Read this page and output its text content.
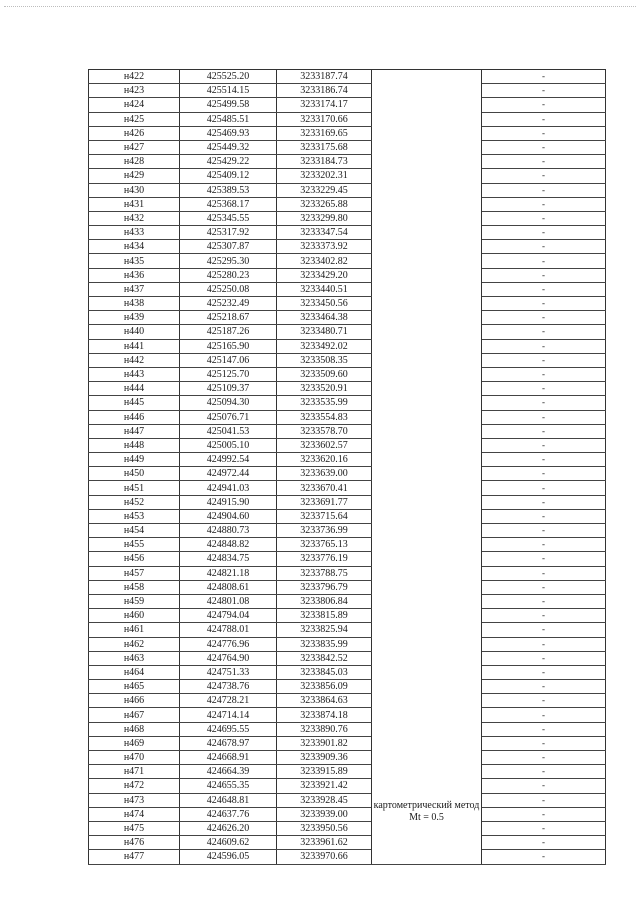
н422	425525.20	3233187.74		-
н423	425514.15	3233186.74		-
н424	425499.58	3233174.17		-
н425	425485.51	3233170.66		-
н426	425469.93	3233169.65		-
н427	425449.32	3233175.68		-
н428	425429.22	3233184.73		-
н429	425409.12	3233202.31		-
н430	425389.53	3233229.45		-
н431	425368.17	3233265.88		-
н432	425345.55	3233299.80		-
н433	425317.92	3233347.54		-
н434	425307.87	3233373.92		-
н435	425295.30	3233402.82		-
н436	425280.23	3233429.20		-
н437	425250.08	3233440.51		-
н438	425232.49	3233450.56		-
н439	425218.67	3233464.38		-
н440	425187.26	3233480.71		-
н441	425165.90	3233492.02		-
н442	425147.06	3233508.35		-
н443	425125.70	3233509.60		-
н444	425109.37	3233520.91		-
н445	425094.30	3233535.99		-
н446	425076.71	3233554.83		-
н447	425041.53	3233578.70		-
н448	425005.10	3233602.57		-
н449	424992.54	3233620.16		-
н450	424972.44	3233639.00		-
н451	424941.03	3233670.41		-
н452	424915.90	3233691.77		-
н453	424904.60	3233715.64		-
н454	424880.73	3233736.99		-
н455	424848.82	3233765.13		-
н456	424834.75	3233776.19		-
н457	424821.18	3233788.75		-
н458	424808.61	3233796.79		-
н459	424801.08	3233806.84		-
н460	424794.04	3233815.89		-
н461	424788.01	3233825.94		-
н462	424776.96	3233835.99		-
н463	424764.90	3233842.52		-
н464	424751.33	3233845.03		-
н465	424738.76	3233856.09		-
н466	424728.21	3233864.63		-
н467	424714.14	3233874.18	картометрический метод Mt = 0.5	-
н468	424695.55	3233890.76		-
н469	424678.97	3233901.82		-
н470	424668.91	3233909.36		-
н471	424664.39	3233915.89		-
н472	424655.35	3233921.42		-
н473	424648.81	3233928.45		-
н474	424637.76	3233939.00		-
н475	424626.20	3233950.56		-
н476	424609.62	3233961.62		-
н477	424596.05	3233970.66		-
